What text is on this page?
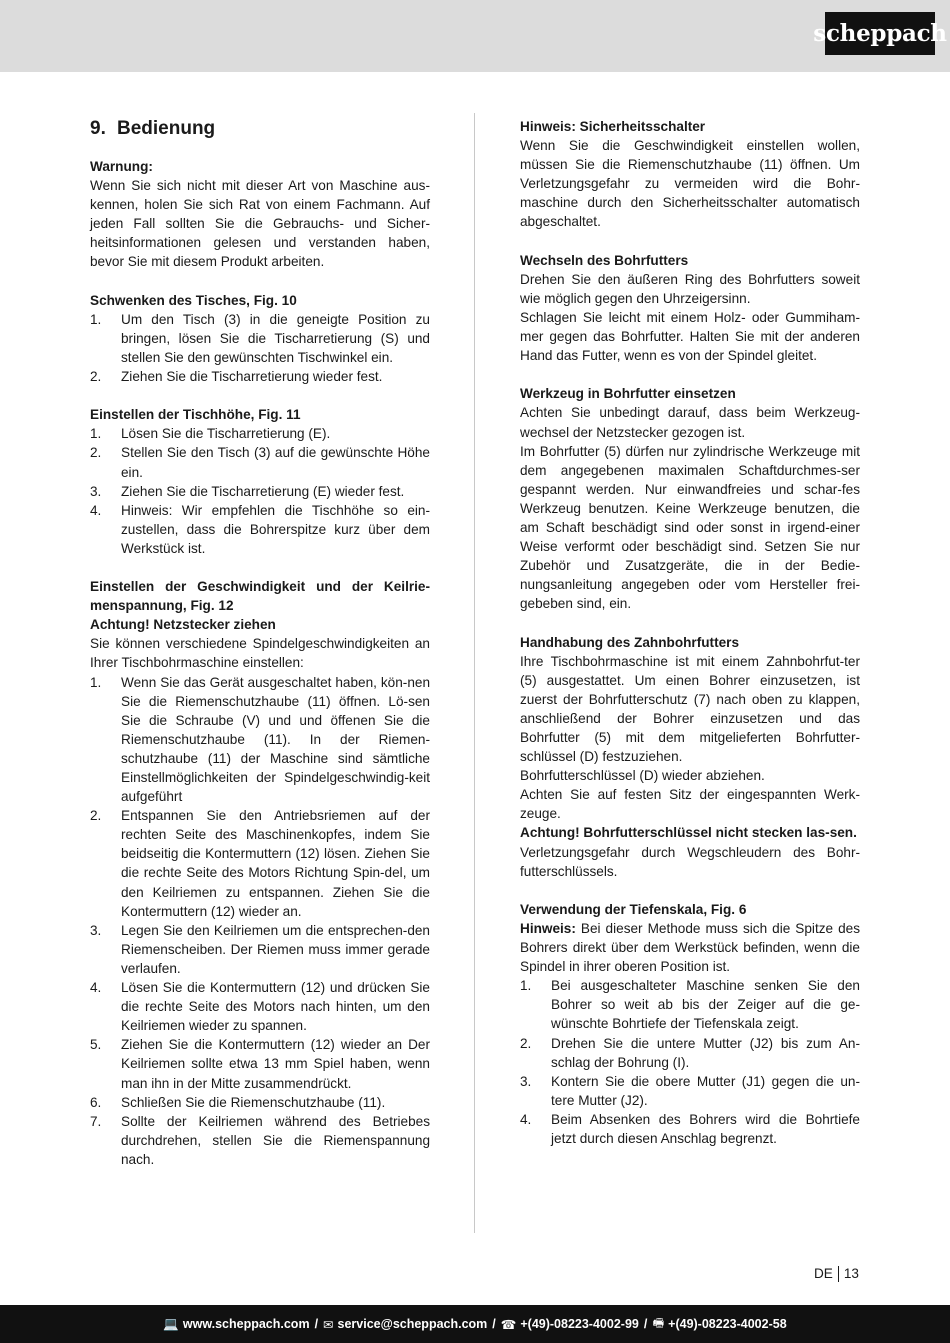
scheppach
9. Bedienung
Warnung:

Wenn Sie sich nicht mit dieser Art von Maschine aus-kennen, holen Sie sich Rat von einem Fachmann. Auf jeden Fall sollten Sie die Gebrauchs- und Sicher-heitsinformationen gelesen und verstanden haben, bevor Sie mit diesem Produkt arbeiten.

Schwenken des Tisches, Fig. 10
1.	Um den Tisch (3) in die geneigte Position zu bringen, lösen Sie die Tischarretierung (S) und stellen Sie den gewünschten Tischwinkel ein.
2.	Ziehen Sie die Tischarretierung wieder fest.
Einstellen der Tischhöhe, Fig. 11
1.	Lösen Sie die Tischarretierung (E).
2.	Stellen Sie den Tisch (3) auf die gewünschte Höhe ein.
3.	Ziehen Sie die Tischarretierung (E) wieder fest.
4.	Hinweis: Wir empfehlen die Tischhöhe so ein-zustellen, dass die Bohrerspitze kurz über dem Werkstück ist.
Einstellen der Geschwindigkeit und der Keilrie-menspannung, Fig. 12
Achtung! Netzstecker ziehen

Sie können verschiedene Spindelgeschwindigkeiten an Ihrer Tischbohrmaschine einstellen:

1.	Wenn Sie das Gerät ausgeschaltet haben, kön-nen Sie die Riemenschutzhaube (11) öffnen. Lö-sen Sie die Schraube (V) und und öffenen Sie die Riemenschutzhaube (11). In der Riemen-schutzhaube (11) der Maschine sind sämtliche Einstellmöglichkeiten der Spindelgeschwindig-keit aufgeführt
2.	Entspannen Sie den Antriebsriemen auf der rechten Seite des Maschinenkopfes, indem Sie beidseitig die Kontermuttern (12) lösen. Ziehen Sie die rechte Seite des Motors Richtung Spin-del, um den Keilriemen zu entspannen. Ziehen Sie die Kontermuttern (12) wieder an.
3.	Legen Sie den Keilriemen um die entsprechen-den Riemenscheiben. Der Riemen muss immer gerade verlaufen.
4.	Lösen Sie die Kontermuttern (12) und drücken Sie die rechte Seite des Motors nach hinten, um den Keilriemen wieder zu spannen.
5.	Ziehen Sie die Kontermuttern (12) wieder an Der Keilriemen sollte etwa 13 mm Spiel haben, wenn man ihn in der Mitte zusammendrückt.
6.	Schließen Sie die Riemenschutzhaube (11).
7.	Sollte der Keilriemen während des Betriebes durchdrehen, stellen Sie die Riemenspannung nach.
Hinweis: Sicherheitsschalter

Wenn Sie die Geschwindigkeit einstellen wollen, müssen Sie die Riemenschutzhaube (11) öffnen. Um Verletzungsgefahr zu vermeiden wird die Bohr-maschine durch den Sicherheitsschalter automatisch abgeschaltet.

Wechseln des Bohrfutters

Drehen Sie den äußeren Ring des Bohrfutters soweit wie möglich gegen den Uhrzeigersinn.

Schlagen Sie leicht mit einem Holz- oder Gummiham-mer gegen das Bohrfutter. Halten Sie mit der anderen Hand das Futter, wenn es von der Spindel gleitet.

Werkzeug in Bohrfutter einsetzen

Achten Sie unbedingt darauf, dass beim Werkzeug-wechsel der Netzstecker gezogen ist.

Im Bohrfutter (5) dürfen nur zylindrische Werkzeuge mit dem angegebenen maximalen Schaftdurchmes-ser gespannt werden. Nur einwandfreies und schar-fes Werkzeug benutzen. Keine Werkzeuge benutzen, die am Schaft beschädigt sind oder sonst in irgend-einer Weise verformt oder beschädigt sind. Setzen Sie nur Zubehör und Zusatzgeräte, die in der Bedie-nungsanleitung angegeben oder vom Hersteller frei-gebeben sind, ein.

Handhabung des Zahnbohrfutters

Ihre Tischbohrmaschine ist mit einem Zahnbohrfut-ter (5) ausgestattet. Um einen Bohrer einzusetzen, ist zuerst der Bohrfutterschutz (7) nach oben zu klappen, anschließend der Bohrer einzusetzen und das Bohrfutter (5) mit dem mitgelieferten Bohrfutter-schlüssel (D) festzuziehen.

Bohrfutterschlüssel (D) wieder abziehen.

Achten Sie auf festen Sitz der eingespannten Werk-zeuge.

Achtung! Bohrfutterschlüssel nicht stecken las-sen.

Verletzungsgefahr durch Wegschleudern des Bohr-futterschlüssels.

Verwendung der Tiefenskala, Fig. 6

Hinweis: Bei dieser Methode muss sich die Spitze des Bohrers direkt über dem Werkstück befinden, wenn die Spindel in ihrer oberen Position ist.

1.	Bei ausgeschalteter Maschine senken Sie den Bohrer so weit ab bis der Zeiger auf die ge-wünschte Bohrtiefe der Tiefenskala zeigt.
2.	Drehen Sie die untere Mutter (J2) bis zum An-schlag der Bohrung (I).
3.	Kontern Sie die obere Mutter (J1) gegen die un-tere Mutter (J2).
4.	Beim Absenken des Bohrers wird die Bohrtiefe jetzt durch diesen Anschlag begrenzt.
DE 13
💻 www.scheppach.com / ✉ service@scheppach.com / ☎ +(49)-08223-4002-99 / 🖷 +(49)-08223-4002-58
